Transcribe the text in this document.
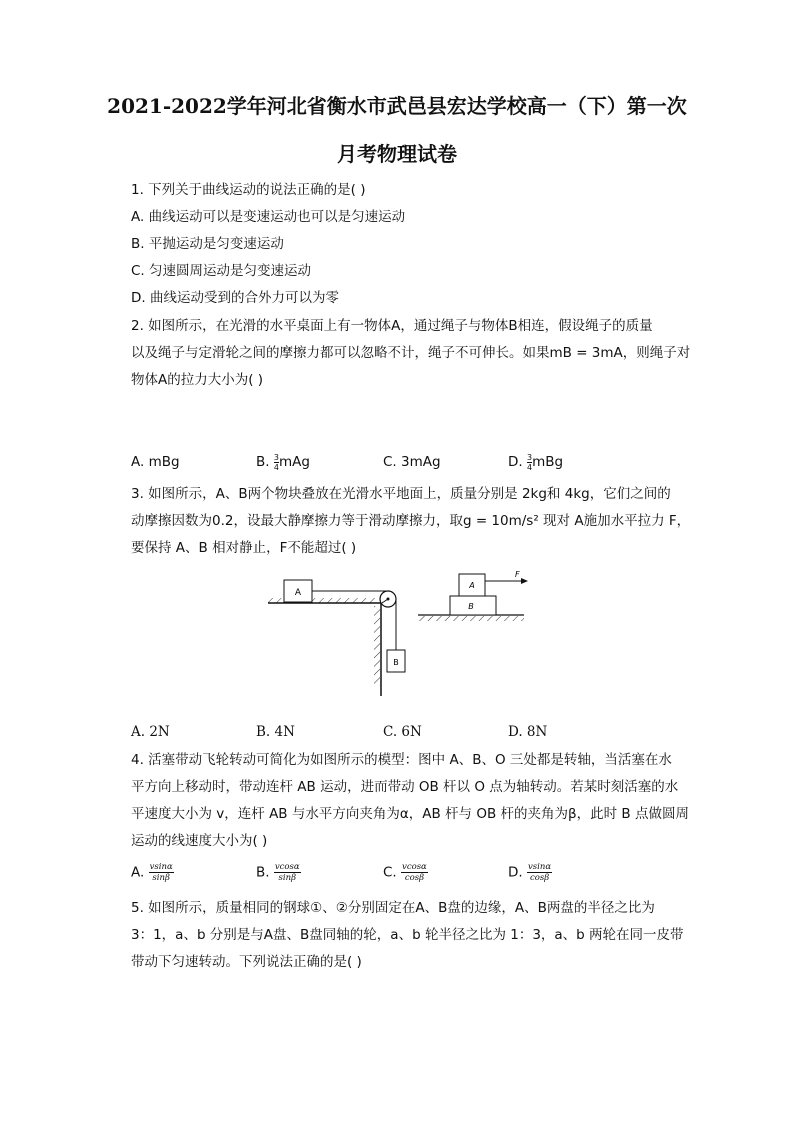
2021-2022学年河北省衡水市武邑县宏达学校高一（下）第一次
月考物理试卷
1. 下列关于曲线运动的说法正确的是( )
A. 曲线运动可以是变速运动也可以是匀速运动
B. 平抛运动是匀变速运动
C. 匀速圆周运动是匀变速运动
D. 曲线运动受到的合外力可以为零
2. 如图所示，在光滑的水平桌面上有一物体A，通过绳子与物体B相连，假设绳子的质量
以及绳子与定滑轮之间的摩擦力都可以忽略不计，绳子不可伸长。如果mB = 3mA，则绳子对
物体A的拉力大小为( )
A. mBg	B. $\frac{3}{4}mAg$	C. 3mAg	D. $\frac{3}{4}mBg$
3. 如图所示，A、B两个物块叠放在光滑水平地面上，质量分别是 2kg和 4kg，它们之间的
动摩擦因数为0.2，设最大静摩擦力等于滑动摩擦力，取g = 10m/s² 现对 A施加水平拉力 F，
要保持 A、B 相对静止，F不能超过( )
A
B
B
A
F
A. 2N	B. 4N	C. 6N	D. 8N
4. 活塞带动飞轮转动可简化为如图所示的模型：图中 A、B、O 三处都是转轴，当活塞在水
平方向上移动时，带动连杆 AB 运动，进而带动 OB 杆以 O 点为轴转动。若某时刻活塞的水
平速度大小为 v，连杆 AB 与水平方向夹角为α，AB 杆与 OB 杆的夹角为β，此时 B 点做圆周
运动的线速度大小为( )
A. $\frac{vsin\alpha}{\sin\beta}$	B. $\frac{vcos\alpha}{\sin\beta}$	C. $\frac{vcos\alpha}{\cos\beta}$	D. $\frac{vsin\alpha}{\cos\beta}$
5. 如图所示，质量相同的钢球①、②分别固定在A、B盘的边缘，A、B两盘的半径之比为
3：1，a、b 分别是与A盘、B盘同轴的轮，a、b 轮半径之比为 1：3，a、b 两轮在同一皮带
带动下匀速转动。下列说法正确的是( )
